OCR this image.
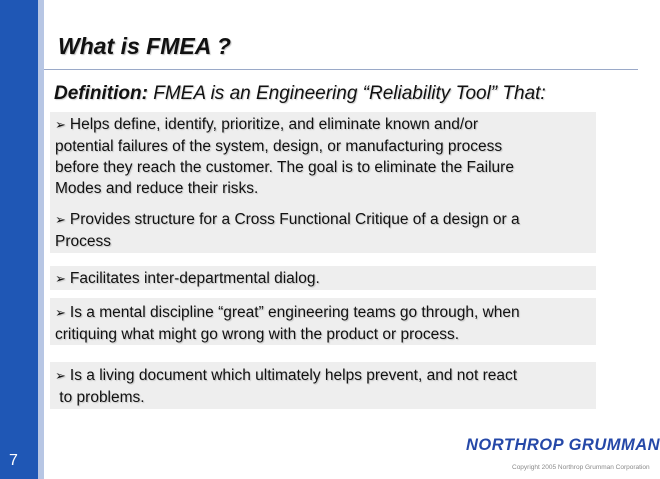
What is FMEA ?
Definition: FMEA is an Engineering “Reliability Tool” That:

➢ Helps define, identify, prioritize, and eliminate known and/or

potential failures of the system, design, or manufacturing process

before they reach the customer. The goal is to eliminate the Failure

Modes and reduce their risks.

➢ Provides structure for a Cross Functional Critique of a design or a

Process

➢ Facilitates inter-departmental dialog.

➢ Is a mental discipline “great” engineering teams go through, when

critiquing what might go wrong with the product or process.

➢ Is a living document which ultimately helps prevent, and not react

to problems.

7
NORTHROP GRUMMAN
Copyright 2005 Northrop Grumman Corporation
